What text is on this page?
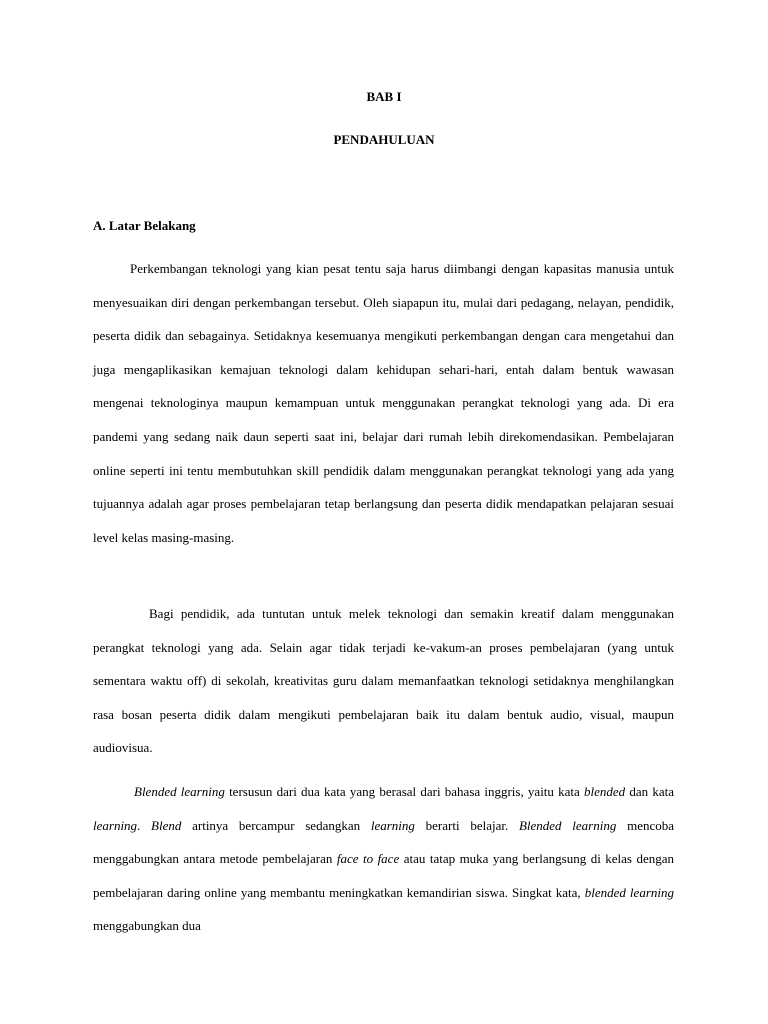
BAB I
PENDAHULUAN
A. Latar Belakang

Perkembangan teknologi yang kian pesat tentu saja harus diimbangi dengan kapasitas manusia untuk menyesuaikan diri dengan perkembangan tersebut. Oleh siapapun itu, mulai dari pedagang, nelayan, pendidik, peserta didik dan sebagainya. Setidaknya kesemuanya mengikuti perkembangan dengan cara mengetahui dan juga mengaplikasikan kemajuan teknologi dalam kehidupan sehari-hari, entah dalam bentuk wawasan mengenai teknologinya maupun kemampuan untuk menggunakan perangkat teknologi yang ada. Di era pandemi yang sedang naik daun seperti saat ini, belajar dari rumah lebih direkomendasikan. Pembelajaran online seperti ini tentu membutuhkan skill pendidik dalam menggunakan perangkat teknologi yang ada yang tujuannya adalah agar proses pembelajaran tetap berlangsung dan peserta didik mendapatkan pelajaran sesuai level kelas masing-masing.

Bagi pendidik, ada tuntutan untuk melek teknologi dan semakin kreatif dalam menggunakan perangkat teknologi yang ada. Selain agar tidak terjadi ke-vakum-an proses pembelajaran (yang untuk sementara waktu off) di sekolah, kreativitas guru dalam memanfaatkan teknologi setidaknya menghilangkan rasa bosan peserta didik dalam mengikuti pembelajaran baik itu dalam bentuk audio, visual, maupun audiovisua.

Blended learning tersusun dari dua kata yang berasal dari bahasa inggris, yaitu kata blended dan kata learning. Blend artinya bercampur sedangkan learning berarti belajar. Blended learning mencoba menggabungkan antara metode pembelajaran face to face atau tatap muka yang berlangsung di kelas dengan pembelajaran daring online yang membantu meningkatkan kemandirian siswa. Singkat kata, blended learning menggabungkan dua
